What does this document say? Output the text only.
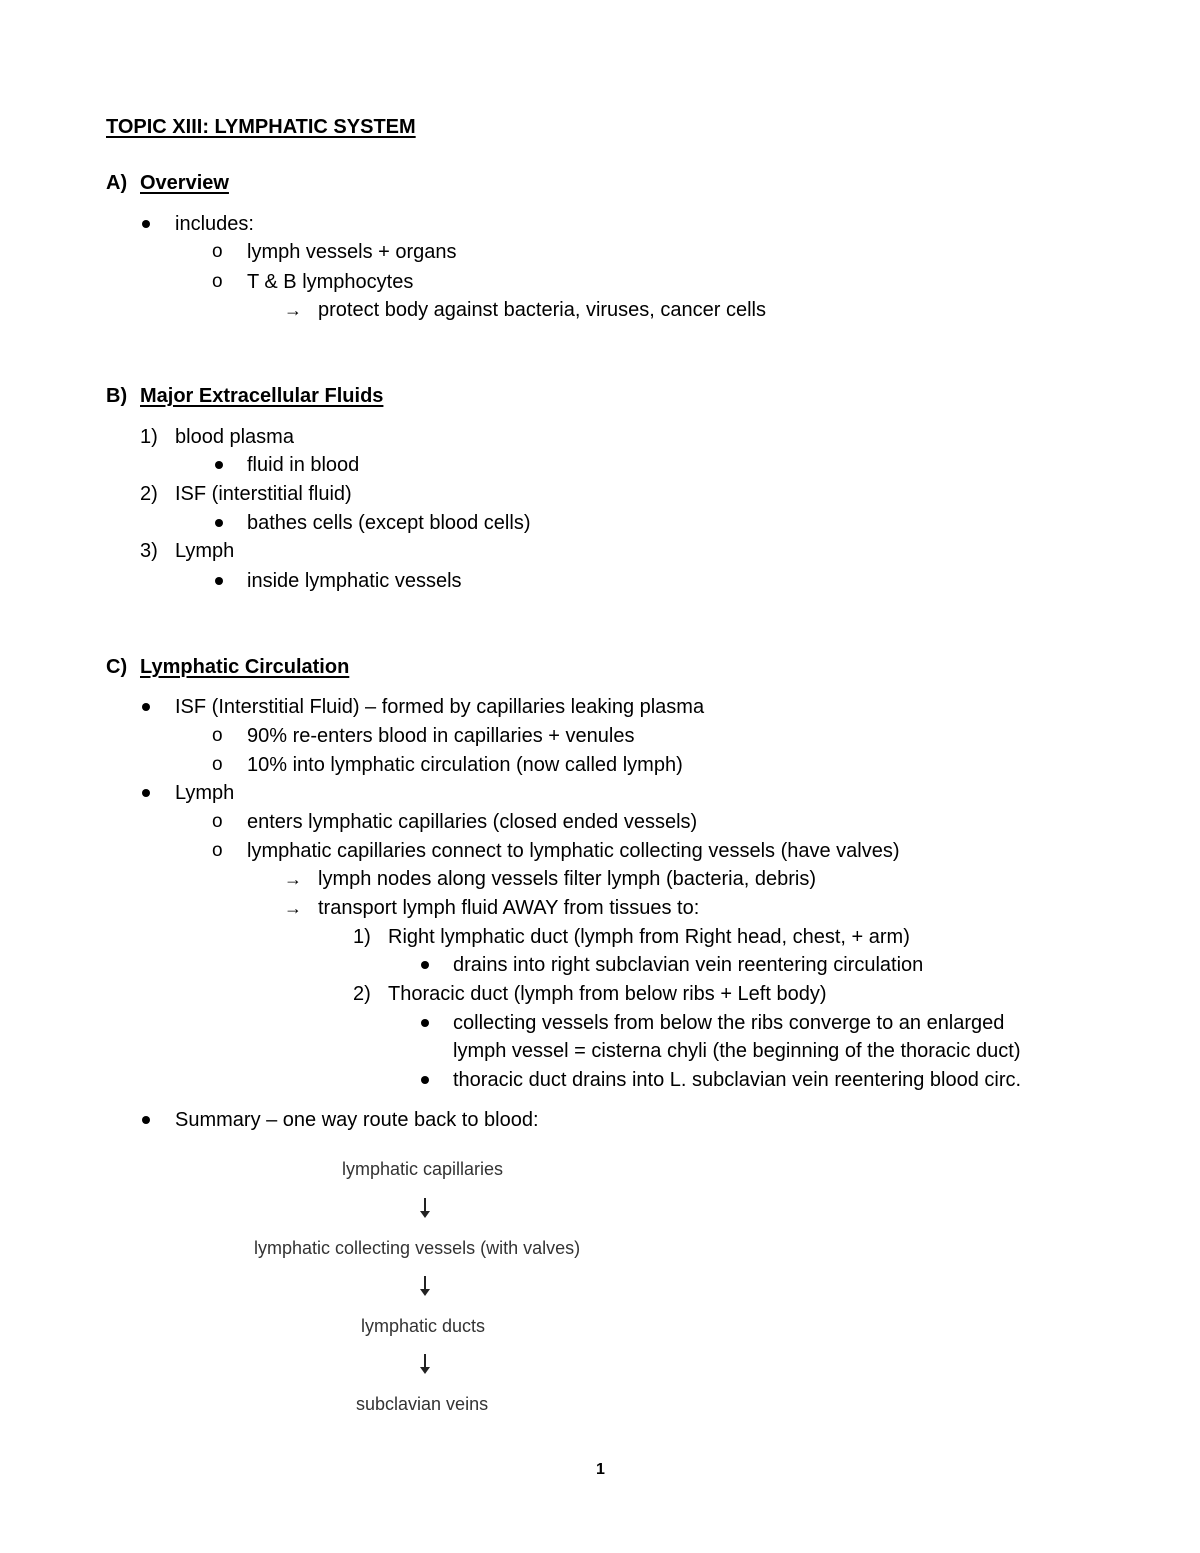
TOPIC XIII: LYMPHATIC SYSTEM
A) Overview
includes:
o lymph vessels + organs
o T & B lymphocytes
→ protect body against bacteria, viruses, cancer cells
B) Major Extracellular Fluids
1) blood plasma
fluid in blood
2) ISF (interstitial fluid)
bathes cells (except blood cells)
3) Lymph
inside lymphatic vessels
C) Lymphatic Circulation
ISF (Interstitial Fluid) – formed by capillaries leaking plasma
o 90% re-enters blood in capillaries + venules
o 10% into lymphatic circulation (now called lymph)
Lymph
o enters lymphatic capillaries (closed ended vessels)
o lymphatic capillaries connect to lymphatic collecting vessels (have valves)
→ lymph nodes along vessels filter lymph (bacteria, debris)
→ transport lymph fluid AWAY from tissues to:
1) Right lymphatic duct (lymph from Right head, chest, + arm)
drains into right subclavian vein reentering circulation
2) Thoracic duct (lymph from below ribs + Left body)
collecting vessels from below the ribs converge to an enlarged
lymph vessel = cisterna chyli (the beginning of the thoracic duct)
thoracic duct drains into L. subclavian vein reentering blood circ.
Summary – one way route back to blood:
lymphatic capillaries
lymphatic collecting vessels (with valves)
lymphatic ducts
subclavian veins
1
